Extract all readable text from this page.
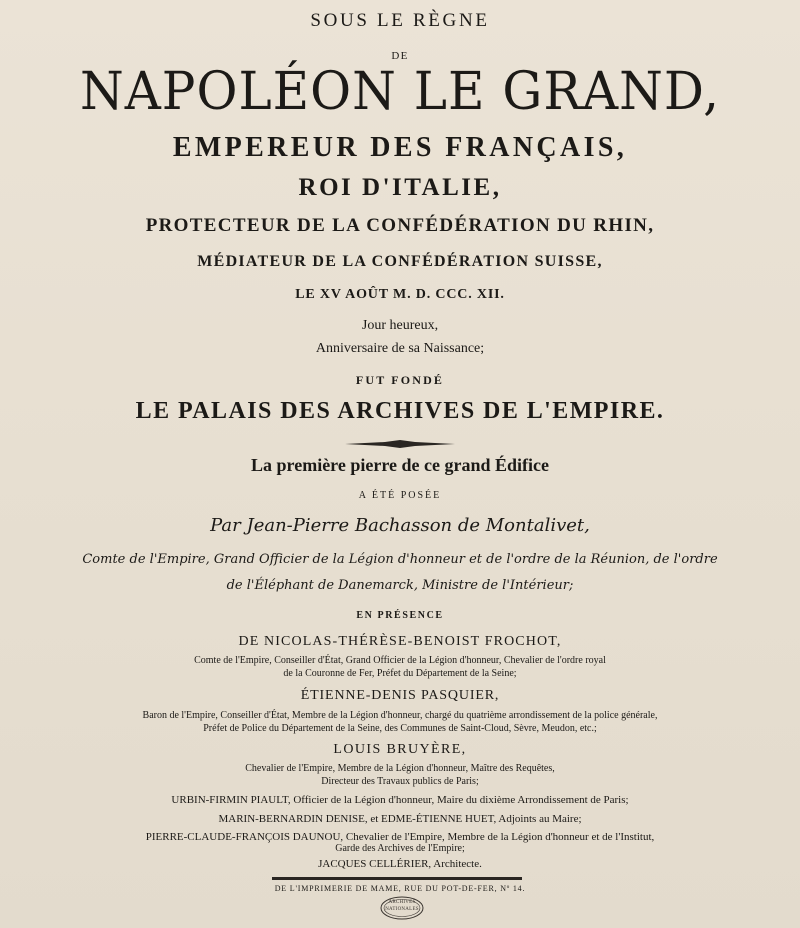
SOUS LE RÈGNE
DE
NAPOLÉON LE GRAND,
EMPEREUR DES FRANÇAIS,
ROI D'ITALIE,
PROTECTEUR DE LA CONFÉDÉRATION DU RHIN,
MÉDIATEUR DE LA CONFÉDÉRATION SUISSE,
LE XV AOÛT M. D. CCC. XII.
Jour heureux,
Anniversaire de sa Naissance;
FUT FONDÉ
LE PALAIS DES ARCHIVES DE L'EMPIRE.
La première pierre de ce grand Édifice
A ÉTÉ POSÉE
Par Jean-Pierre Bachasson de Montalivet,
Comte de l'Empire, Grand Officier de la Légion d'honneur et de l'ordre de la Réunion, de l'ordre
de l'Éléphant de Danemarck, Ministre de l'Intérieur;
EN PRÉSENCE
DE NICOLAS-THÉRÈSE-BENOIST FROCHOT,
Comte de l'Empire, Conseiller d'État, Grand Officier de la Légion d'honneur, Chevalier de l'ordre royal
de la Couronne de Fer, Préfet du Département de la Seine;
ÉTIENNE-DENIS PASQUIER,
Baron de l'Empire, Conseiller d'État, Membre de la Légion d'honneur, chargé du quatrième arrondissement de la police générale,
Préfet de Police du Département de la Seine, des Communes de Saint-Cloud, Sèvre, Meudon, etc.;
LOUIS BRUYÈRE,
Chevalier de l'Empire, Membre de la Légion d'honneur, Maître des Requêtes,
Directeur des Travaux publics de Paris;
URBIN-FIRMIN PIAULT, Officier de la Légion d'honneur, Maire du dixième Arrondissement de Paris;
MARIN-BERNARDIN DENISE, et EDME-ÉTIENNE HUET, Adjoints au Maire;
PIERRE-CLAUDE-FRANÇOIS DAUNOU, Chevalier de l'Empire, Membre de la Légion d'honneur et de l'Institut,
Garde des Archives de l'Empire;
JACQUES CELLÉRIER, Architecte.
DE L'IMPRIMERIE DE MAME, RUE DU POT-DE-FER, Nº 14.
ARCHIVES NATIONALES
